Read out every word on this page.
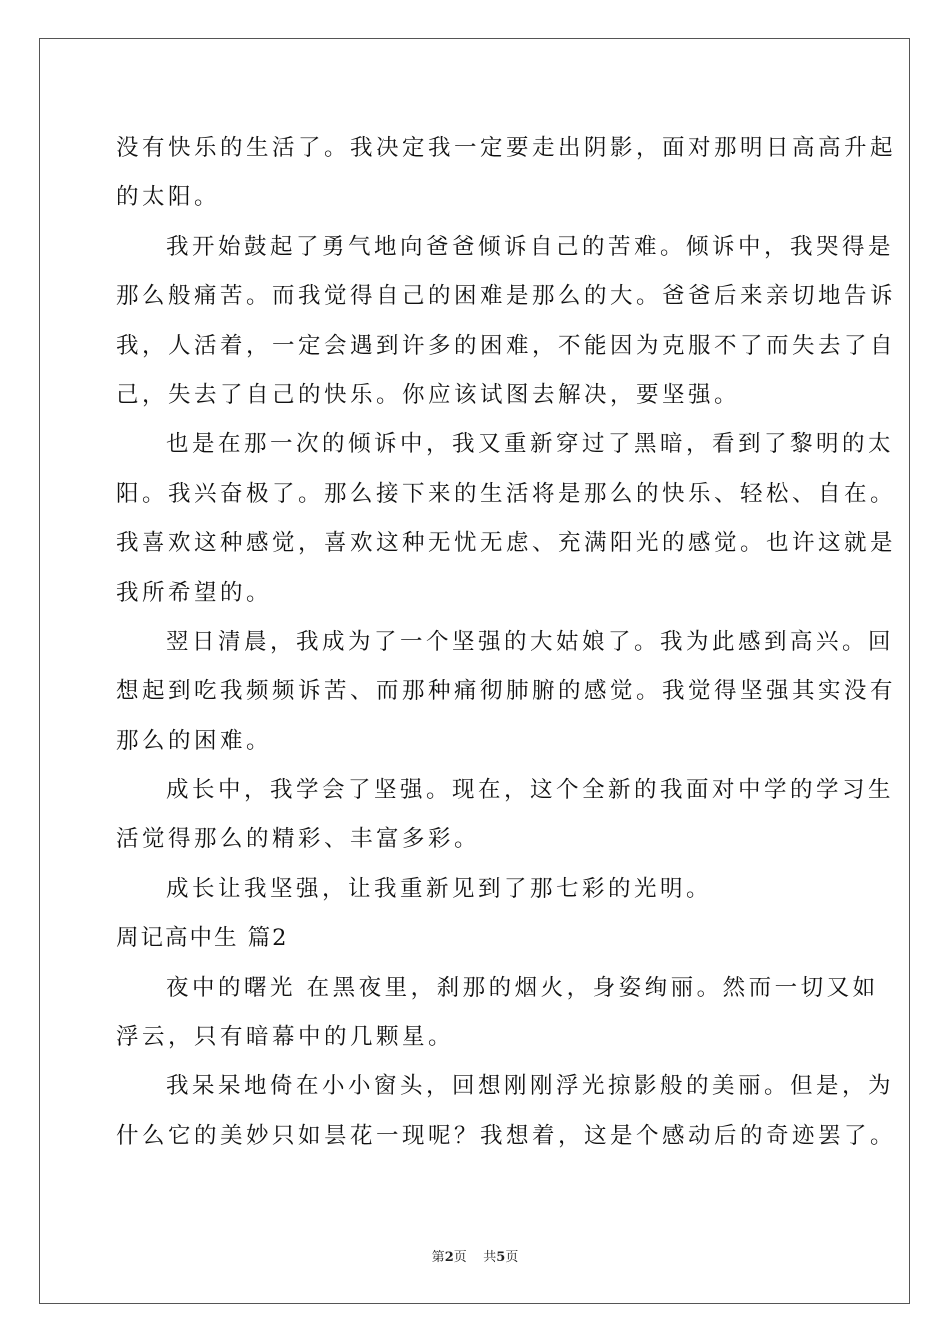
没有快乐的生活了。我决定我一定要走出阴影，面对那明日高高升起
的太阳。
我开始鼓起了勇气地向爸爸倾诉自己的苦难。倾诉中，我哭得是
那么般痛苦。而我觉得自己的困难是那么的大。爸爸后来亲切地告诉
我，人活着，一定会遇到许多的困难，不能因为克服不了而失去了自
己，失去了自己的快乐。你应该试图去解决，要坚强。
也是在那一次的倾诉中，我又重新穿过了黑暗，看到了黎明的太
阳。我兴奋极了。那么接下来的生活将是那么的快乐、轻松、自在。
我喜欢这种感觉，喜欢这种无忧无虑、充满阳光的感觉。也许这就是
我所希望的。
翌日清晨，我成为了一个坚强的大姑娘了。我为此感到高兴。回
想起到吃我频频诉苦、而那种痛彻肺腑的感觉。我觉得坚强其实没有
那么的困难。
成长中，我学会了坚强。现在，这个全新的我面对中学的学习生
活觉得那么的精彩、丰富多彩。
成长让我坚强，让我重新见到了那七彩的光明。
周记高中生 篇2
夜中的曙光 在黑夜里，刹那的烟火，身姿绚丽。然而一切又如
浮云，只有暗幕中的几颗星。
我呆呆地倚在小小窗头，回想刚刚浮光掠影般的美丽。但是，为
什么它的美妙只如昙花一现呢？我想着，这是个感动后的奇迹罢了。
第2页    共5页
